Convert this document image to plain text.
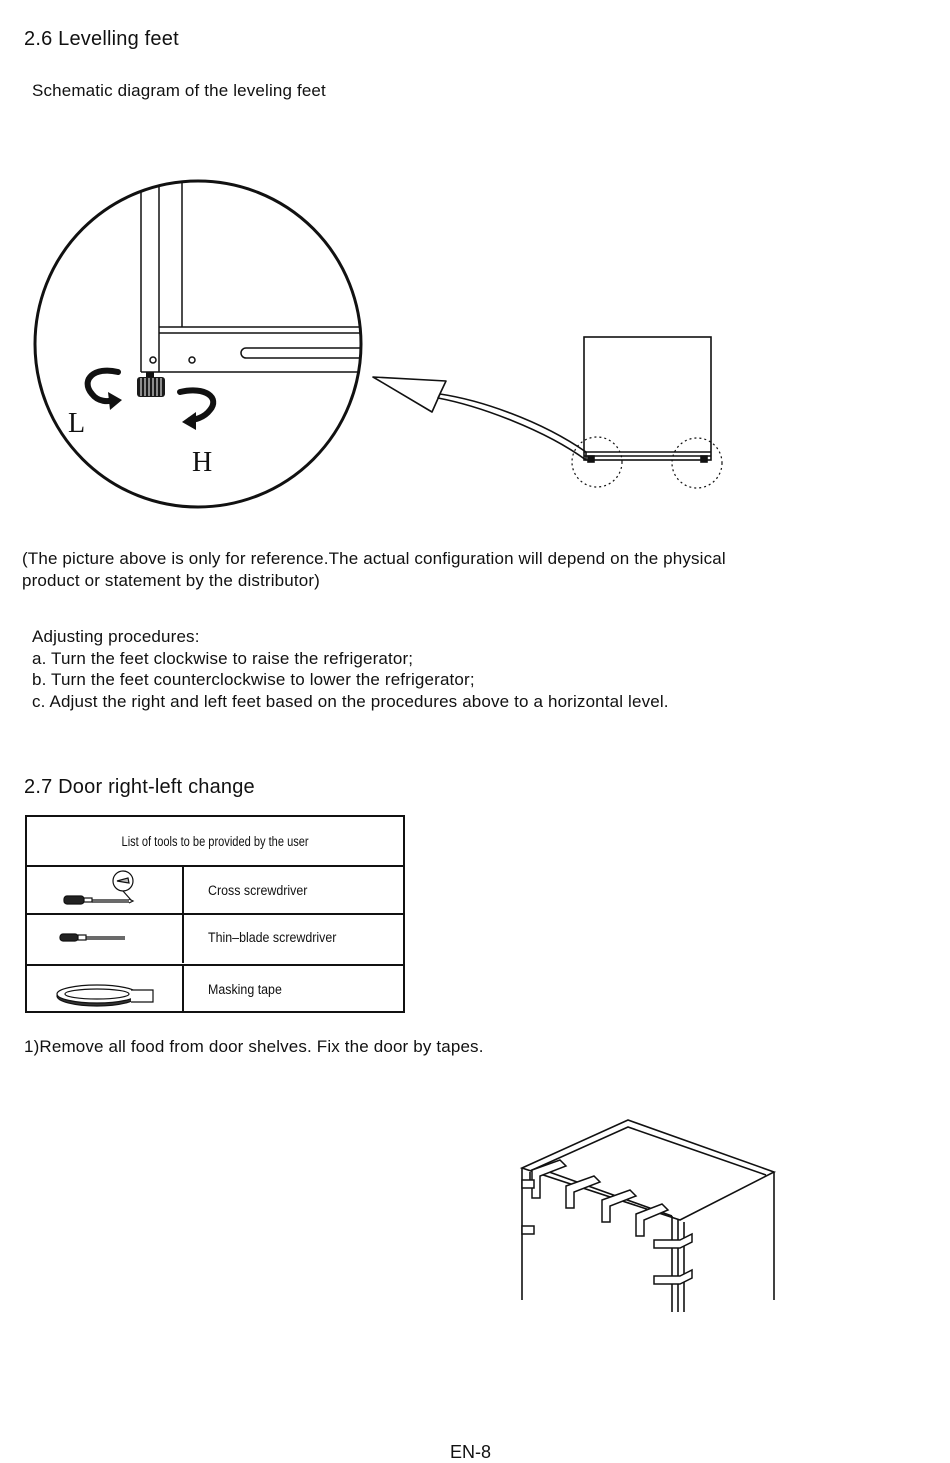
2.6 Levelling feet
Schematic diagram of the leveling feet
L
H
(The picture above is only for reference.The actual configuration will depend on the physical
product or statement by the distributor)
Adjusting procedures:
a. Turn the feet clockwise to raise the refrigerator;
b. Turn the feet counterclockwise to lower the refrigerator;
c. Adjust the right and left feet based on the procedures above to a horizontal level.
2.7 Door right-left change
List of tools to be provided by the user
Cross screwdriver
Thin–blade screwdriver
Masking tape
1)Remove all food from door shelves. Fix the door by tapes.
EN-8
